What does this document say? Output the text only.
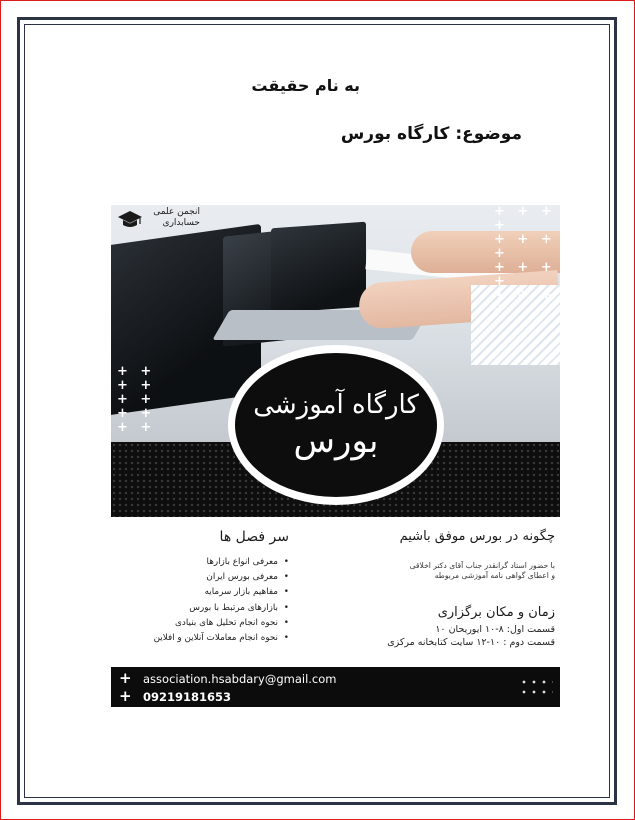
به نام حقیقت
موضوع: کارگاه بورس
+ + + +
+ + + +
+ + + +
+ + + +
+ +
+ +
+ +
+ +
+ +
انجمن علمی
حسابداری
کارگاه آموزشی
بورس
چگونه در بورس موفق باشیم
با حضور استاد گرانقدر جناب آقای دکتر اخلاقی
و اعطای گواهی نامه آموزشی مربوطه
زمان و مکان برگزاری
قسمت اول: ۸-۱۰ ایوریحان ۱۰
قسمت دوم : ۱۰-۱۲ سایت کتابخانه مرکزی
سر فصل ها
• معرفی انواع بازارها
• معرفی بورس ایران
• مفاهیم بازار سرمایه
• بازارهای مرتبط با بورس
• نحوه انجام تحلیل های بنیادی
• نحوه انجام معاملات آنلاین و افلاین
+
+
association.hsabdary@gmail.com
09219181653
